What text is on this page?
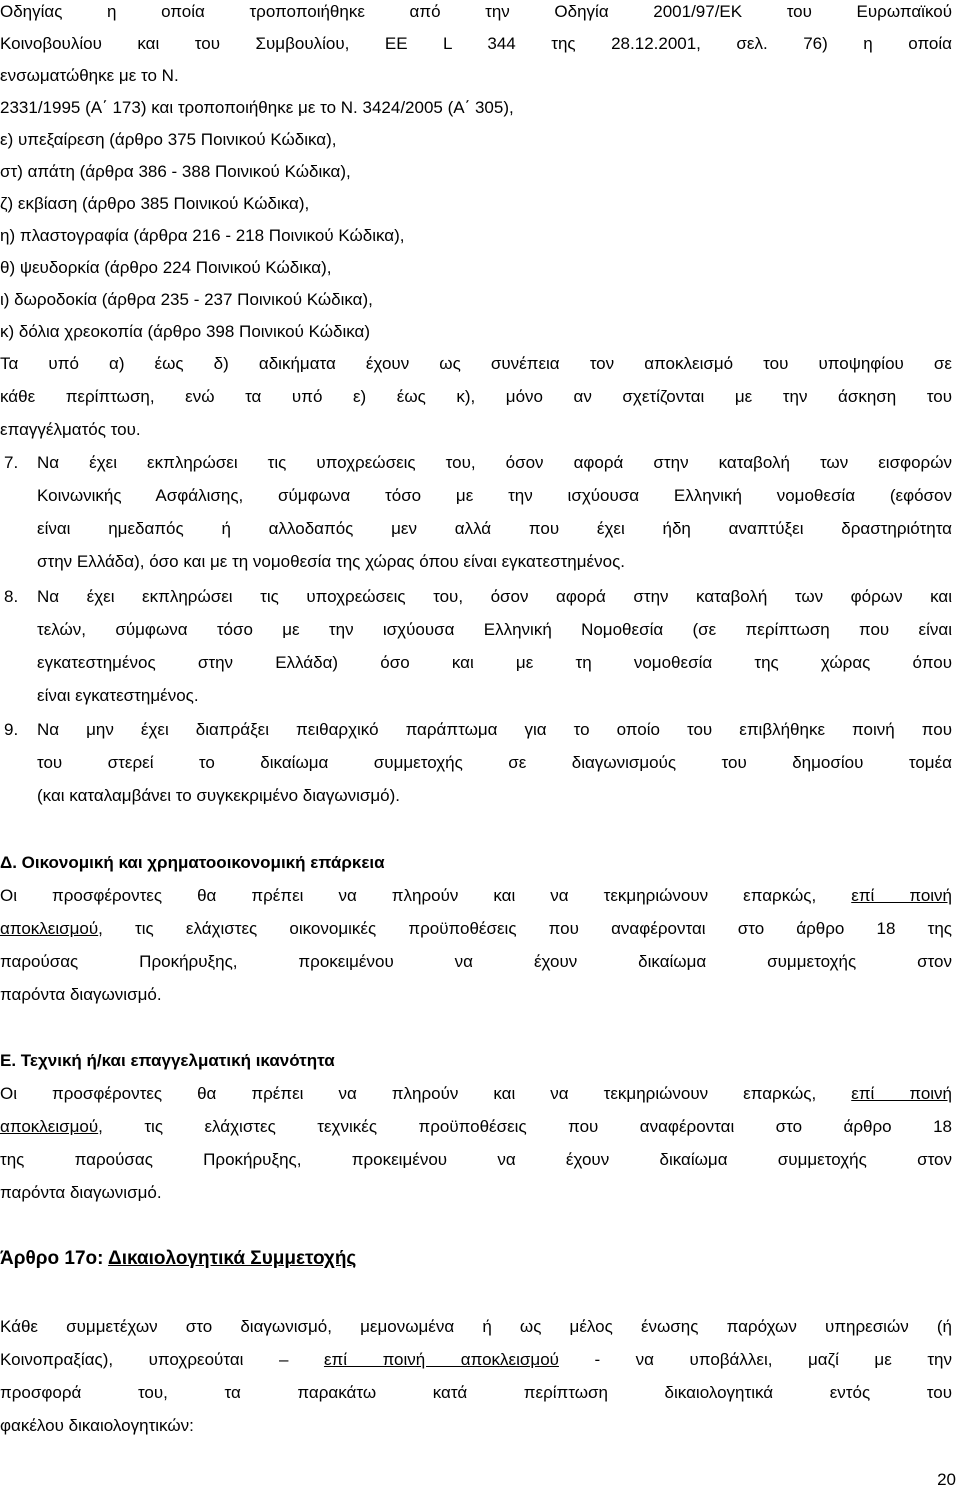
Οδηγίας η οποία τροποποιήθηκε από την Οδηγία 2001/97/ΕΚ του Ευρωπαϊκού
Κοινοβουλίου και του Συμβουλίου, ΕΕ L 344 της 28.12.2001, σελ. 76) η οποία
ενσωματώθηκε με το Ν.
2331/1995 (Α΄ 173) και τροποποιήθηκε με το Ν. 3424/2005 (Α΄ 305),
ε) υπεξαίρεση (άρθρο 375 Ποινικού Κώδικα),
στ) απάτη (άρθρα 386 - 388 Ποινικού Κώδικα),
ζ) εκβίαση (άρθρο 385 Ποινικού Κώδικα),
η) πλαστογραφία (άρθρα 216 - 218 Ποινικού Κώδικα),
θ) ψευδορκία (άρθρο 224 Ποινικού Κώδικα),
ι) δωροδοκία (άρθρα 235 - 237 Ποινικού Κώδικα),
κ) δόλια χρεοκοπία (άρθρο 398 Ποινικού Κώδικα)
Τα υπό α) έως δ) αδικήματα έχουν ως συνέπεια τον αποκλεισμό του υποψηφίου σε
κάθε περίπτωση, ενώ τα υπό ε) έως κ), μόνο αν σχετίζονται με την άσκηση του
επαγγέλματός του.
7.	Να έχει εκπληρώσει τις υποχρεώσεις του, όσον αφορά στην καταβολή των εισφορών
Κοινωνικής Ασφάλισης, σύμφωνα τόσο με την ισχύουσα Ελληνική νομοθεσία (εφόσον
είναι ημεδαπός ή αλλοδαπός μεν αλλά που έχει ήδη αναπτύξει δραστηριότητα
στην Ελλάδα), όσο και με τη νομοθεσία της χώρας όπου είναι εγκατεστημένος.
8.	Να έχει εκπληρώσει τις υποχρεώσεις του, όσον αφορά στην καταβολή των φόρων και
τελών, σύμφωνα τόσο με την ισχύουσα Ελληνική Νομοθεσία (σε περίπτωση που είναι
εγκατεστημένος στην Ελλάδα) όσο και με τη νομοθεσία της χώρας όπου
είναι εγκατεστημένος.
9.	Να μην έχει διαπράξει πειθαρχικό παράπτωμα για το οποίο του επιβλήθηκε ποινή που
του στερεί το δικαίωμα συμμετοχής σε διαγωνισμούς του δημοσίου τομέα
(και καταλαμβάνει το συγκεκριμένο διαγωνισμό).
Δ. Οικονομική και χρηματοοικονομική επάρκεια
Οι προσφέροντες θα πρέπει να πληρούν και να τεκμηριώνουν επαρκώς, επί ποινή
αποκλεισμού, τις ελάχιστες οικονομικές προϋποθέσεις που αναφέρονται στο άρθρο 18 της
παρούσας Προκήρυξης, προκειμένου να έχουν δικαίωμα συμμετοχής στον
παρόντα διαγωνισμό.
Ε. Τεχνική ή/και επαγγελματική ικανότητα
Οι προσφέροντες θα πρέπει να πληρούν και να τεκμηριώνουν επαρκώς, επί ποινή
αποκλεισμού, τις ελάχιστες τεχνικές προϋποθέσεις που αναφέρονται στο άρθρο 18
της παρούσας Προκήρυξης, προκειμένου να έχουν δικαίωμα συμμετοχής στον
παρόντα διαγωνισμό.
Άρθρο 17ο: Δικαιολογητικά Συμμετοχής
Κάθε συμμετέχων στο διαγωνισμό, μεμονωμένα ή ως μέλος ένωσης παρόχων υπηρεσιών (ή
Κοινοπραξίας), υποχρεούται – επί ποινή αποκλεισμού - να υποβάλλει, μαζί με την
προσφορά του, τα παρακάτω κατά περίπτωση δικαιολογητικά εντός του
φακέλου δικαιολογητικών:
20
